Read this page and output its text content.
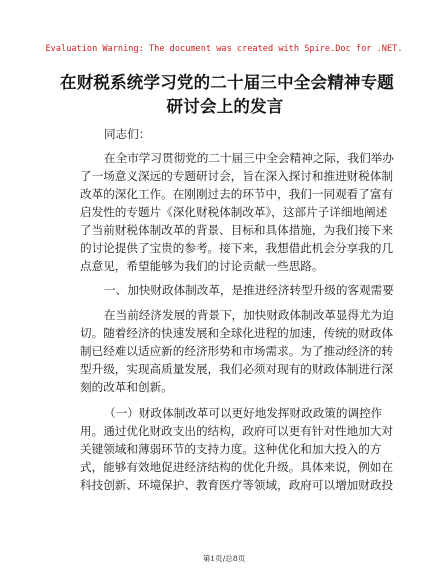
Evaluation Warning: The document was created with Spire.Doc for .NET.
在财税系统学习党的二十届三中全会精神专题
研讨会上的发言
同志们：
在全市学习贯彻党的二十届三中全会精神之际，我们举办
了一场意义深远的专题研讨会，旨在深入探讨和推进财税体制
改革的深化工作。在刚刚过去的环节中，我们一同观看了富有
启发性的专题片《深化财税体制改革》，这部片子详细地阐述
了当前财税体制改革的背景、目标和具体措施，为我们接下来
的讨论提供了宝贵的参考。接下来，我想借此机会分享我的几
点意见，希望能够为我们的讨论贡献一些思路。
一、加快财政体制改革，是推进经济转型升级的客观需要
在当前经济发展的背景下，加快财政体制改革显得尤为迫
切。随着经济的快速发展和全球化进程的加速，传统的财政体
制已经难以适应新的经济形势和市场需求。为了推动经济的转
型升级，实现高质量发展，我们必须对现有的财政体制进行深
刻的改革和创新。
（一）财政体制改革可以更好地发挥财政政策的调控作
用。通过优化财政支出的结构，政府可以更有针对性地加大对
关键领域和薄弱环节的支持力度。这种优化和加大投入的方
式，能够有效地促进经济结构的优化升级。具体来说，例如在
科技创新、环境保护、教育医疗等领域，政府可以增加财政投
第1页/总8页
